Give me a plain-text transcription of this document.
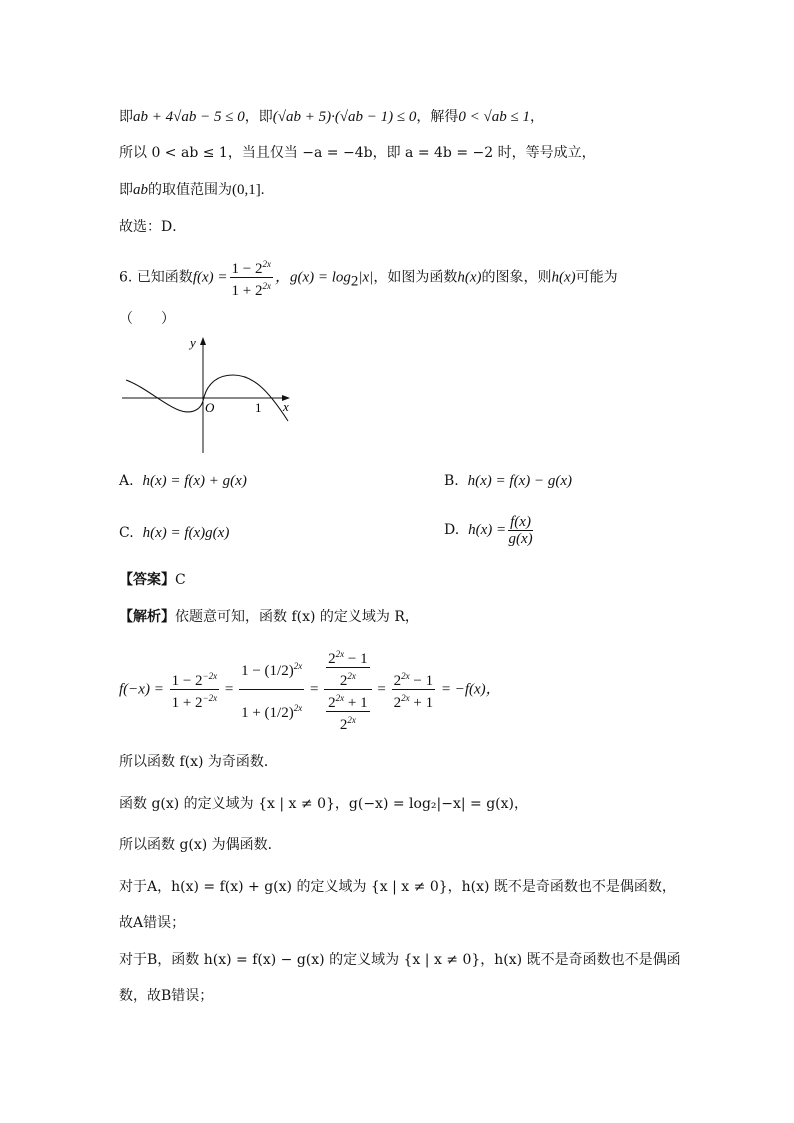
即ab + 4√ab − 5 ≤ 0，即(√ab + 5)·(√ab − 1) ≤ 0，解得0 < √ab ≤ 1，
所以 0 < ab ≤ 1，当且仅当 −a = −4b，即 a = 4b = −2 时，等号成立，
即ab的取值范围为(0,1].
故选：D．
6. 已知函数$f(x) = \frac{1 - 2^{2x}}{1 + 2^{2x}}$ ，$g(x) = \log_2|x|$，如图为函数h(x)的图象，则h(x)可能为
（　　）
y
x
O	1
A. h(x) = f(x) + g(x)	B. h(x) = f(x) − g(x)
C. h(x) = f(x)g(x)	D. $h(x) = \frac{f(x)}{g(x)}$
【答案】C
【解析】依题意可知，函数 f(x) 的定义域为 R，
$f(-x) = \frac{1 - 2^{-2x}}{1 + 2^{-2x}} = \frac{1 - (1/2)^{2x}}{1 + (1/2)^{2x}} = \frac{\frac{2^{2x} - 1}{2^{2x}}}{\frac{2^{2x} + 1}{2^{2x}}} = \frac{2^{2x} - 1}{2^{2x} + 1} = -f(x)$，
所以函数 f(x) 为奇函数．
函数 g(x) 的定义域为 {x | x ≠ 0}，g(−x) = log₂|−x| = g(x)，
所以函数 g(x) 为偶函数．
对于A，h(x) = f(x) + g(x) 的定义域为 {x | x ≠ 0}，h(x) 既不是奇函数也不是偶函数，
故A错误；
对于B，函数 h(x) = f(x) − g(x) 的定义域为 {x | x ≠ 0}，h(x) 既不是奇函数也不是偶函
数，故B错误；
